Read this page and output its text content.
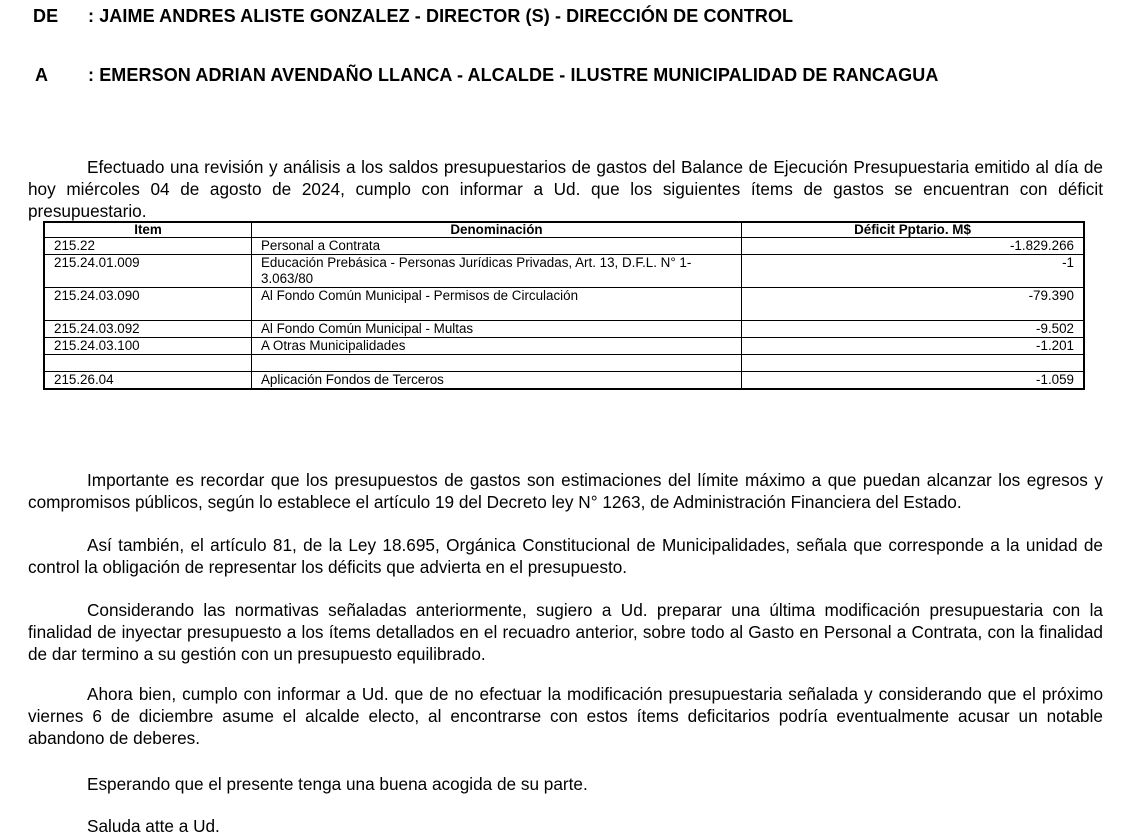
DE : JAIME ANDRES ALISTE GONZALEZ - DIRECTOR (S) - DIRECCIÓN DE CONTROL
A : EMERSON ADRIAN AVENDAÑO LLANCA - ALCALDE - ILUSTRE MUNICIPALIDAD DE RANCAGUA

Efectuado una revisión y análisis a los saldos presupuestarios de gastos del Balance de Ejecución Presupuestaria emitido al día de hoy miércoles 04 de agosto de 2024, cumplo con informar a Ud. que los siguientes ítems de gastos se encuentran con déficit presupuestario.

Item	Denominación	Déficit Pptario. M$
215.22	Personal a Contrata	-1.829.266
215.24.01.009	Educación Prebásica - Personas Jurídicas Privadas, Art. 13, D.F.L. N° 1-3.063/80	-1
215.24.03.090	Al Fondo Común Municipal - Permisos de Circulación	-79.390
215.24.03.092	Al Fondo Común Municipal - Multas	-9.502
215.24.03.100	A Otras Municipalidades	-1.201

215.26.04	Aplicación Fondos de Terceros	-1.059

Importante es recordar que los presupuestos de gastos son estimaciones del límite máximo a que puedan alcanzar los egresos y compromisos públicos, según lo establece el artículo 19 del Decreto ley N° 1263, de Administración Financiera del Estado.

Así también, el artículo 81, de la Ley 18.695, Orgánica Constitucional de Municipalidades, señala que corresponde a la unidad de control la obligación de representar los déficits que advierta en el presupuesto.

Considerando las normativas señaladas anteriormente, sugiero a Ud. preparar una última modificación presupuestaria con la finalidad de inyectar presupuesto a los ítems detallados en el recuadro anterior, sobre todo al Gasto en Personal a Contrata, con la finalidad de dar termino a su gestión con un presupuesto equilibrado.

Ahora bien, cumplo con informar a Ud. que de no efectuar la modificación presupuestaria señalada y considerando que el próximo viernes 6 de diciembre asume el alcalde electo, al encontrarse con estos ítems deficitarios podría eventualmente acusar un notable abandono de deberes.

Esperando que el presente tenga una buena acogida de su parte.

Saluda atte a Ud.
